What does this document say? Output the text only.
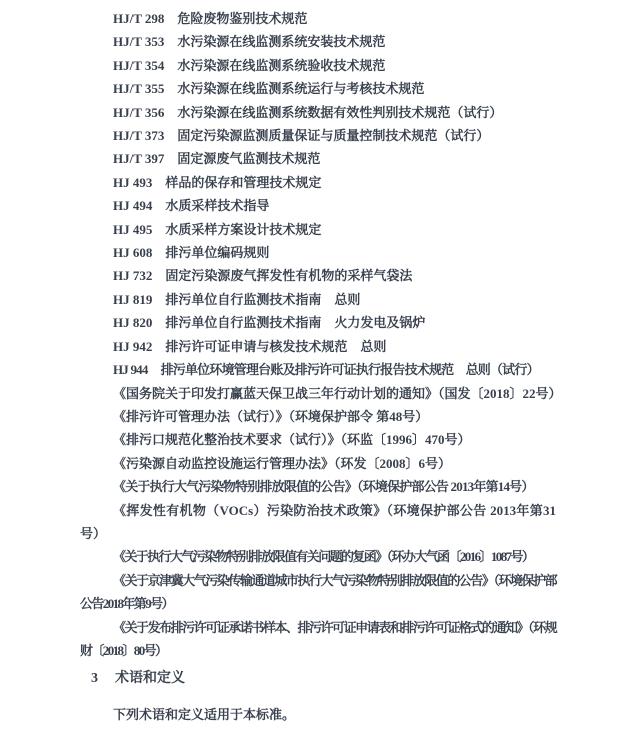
HJ/T 298 危险废物鉴别技术规范
HJ/T 353 水污染源在线监测系统安装技术规范
HJ/T 354 水污染源在线监测系统验收技术规范
HJ/T 355 水污染源在线监测系统运行与考核技术规范
HJ/T 356 水污染源在线监测系统数据有效性判别技术规范（试行）
HJ/T 373 固定污染源监测质量保证与质量控制技术规范（试行）
HJ/T 397 固定源废气监测技术规范
HJ 493 样品的保存和管理技术规定
HJ 494 水质采样技术指导
HJ 495 水质采样方案设计技术规定
HJ 608 排污单位编码规则
HJ 732 固定污染源废气挥发性有机物的采样气袋法
HJ 819 排污单位自行监测技术指南　总则
HJ 820 排污单位自行监测技术指南　火力发电及锅炉
HJ 942 排污许可证申请与核发技术规范　总则
HJ 944 排污单位环境管理台账及排污许可证执行报告技术规范　总则（试行）

《国务院关于印发打赢蓝天保卫战三年行动计划的通知》（国发〔2018〕22号）

《排污许可管理办法（试行）》（环境保护部令 第48号）

《排污口规范化整治技术要求（试行）》（环监〔1996〕470号）

《污染源自动监控设施运行管理办法》（环发〔2008〕6号）

《关于执行大气污染物特别排放限值的公告》（环境保护部公告 2013年第14号）

《挥发性有机物（VOCs）污染防治技术政策》（环境保护部公告 2013年第31号）

《关于执行大气污染物特别排放限值有关问题的复函》（环办大气函〔2016〕1087号）

《关于京津冀大气污染传输通道城市执行大气污染物特别排放限值的公告》（环境保护部公告2018年第9号）

《关于发布排污许可证承诺书样本、排污许可证申请表和排污许可证格式的通知》（环规财〔2018〕80号）

3 术语和定义

下列术语和定义适用于本标准。
